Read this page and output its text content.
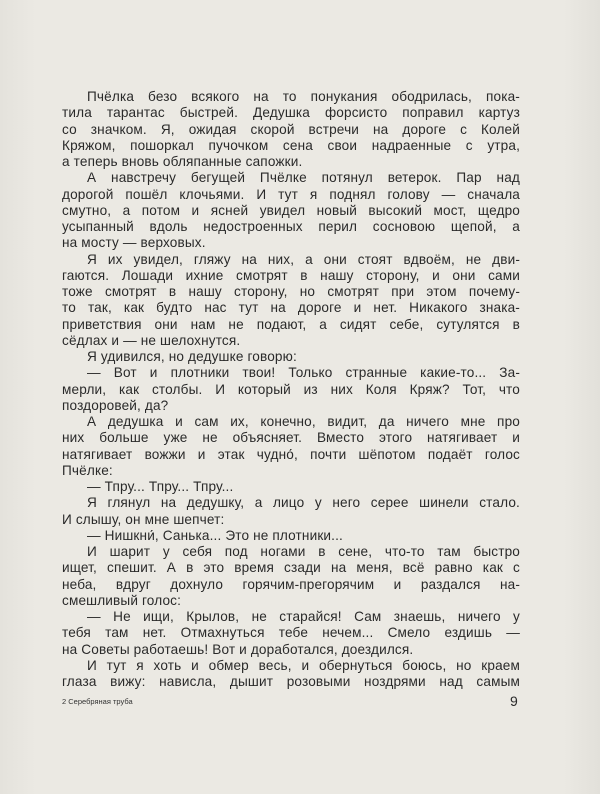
Пчёлка безо всякого на то понукания ободрилась, пока-
тила тарантас быстрей. Дедушка форсисто поправил картуз
со значком. Я, ожидая скорой встречи на дороге с Колей
Кряжом, пошоркал пучочком сена свои надраенные с утра,
а теперь вновь обляпанные сапожки.
А навстречу бегущей Пчёлке потянул ветерок. Пар над
дорогой пошёл клочьями. И тут я поднял голову — сначала
смутно, а потом и ясней увидел новый высокий мост, щедро
усыпанный вдоль недостроенных перил сосновою щепой, а
на мосту — верховых.
Я их увидел, гляжу на них, а они стоят вдвоём, не дви-
гаются. Лошади ихние смотрят в нашу сторону, и они сами
тоже смотрят в нашу сторону, но смотрят при этом почему-
то так, как будто нас тут на дороге и нет. Никакого знака-
приветствия они нам не подают, а сидят себе, сутулятся в
сёдлах и — не шелохнутся.
Я удивился, но дедушке говорю:
— Вот и плотники твои! Только странные какие-то... За-
мерли, как столбы. И который из них Коля Кряж? Тот, что
поздоровей, да?
А дедушка и сам их, конечно, видит, да ничего мне про
них больше уже не объясняет. Вместо этого натягивает и
натягивает вожжи и этак чудно́, почти шёпотом подаёт голос
Пчёлке:
— Тпру... Тпру... Тпру...
Я глянул на дедушку, а лицо у него серее шинели стало.
И слышу, он мне шепчет:
— Нишкни́, Санька... Это не плотники...
И шарит у себя под ногами в сене, что-то там быстро
ищет, спешит. А в это время сзади на меня, всё равно как с
неба, вдруг дохнуло горячим-прегорячим и раздался на-
смешливый голос:
— Не ищи, Крылов, не старайся! Сам знаешь, ничего у
тебя там нет. Отмахнуться тебе нечем... Смело ездишь —
на Советы работаешь! Вот и доработался, доездился.
И тут я хоть и обмер весь, и обернуться боюсь, но краем
глаза вижу: нависла, дышит розовыми ноздрями над самым
2 Серебряная труба	9
